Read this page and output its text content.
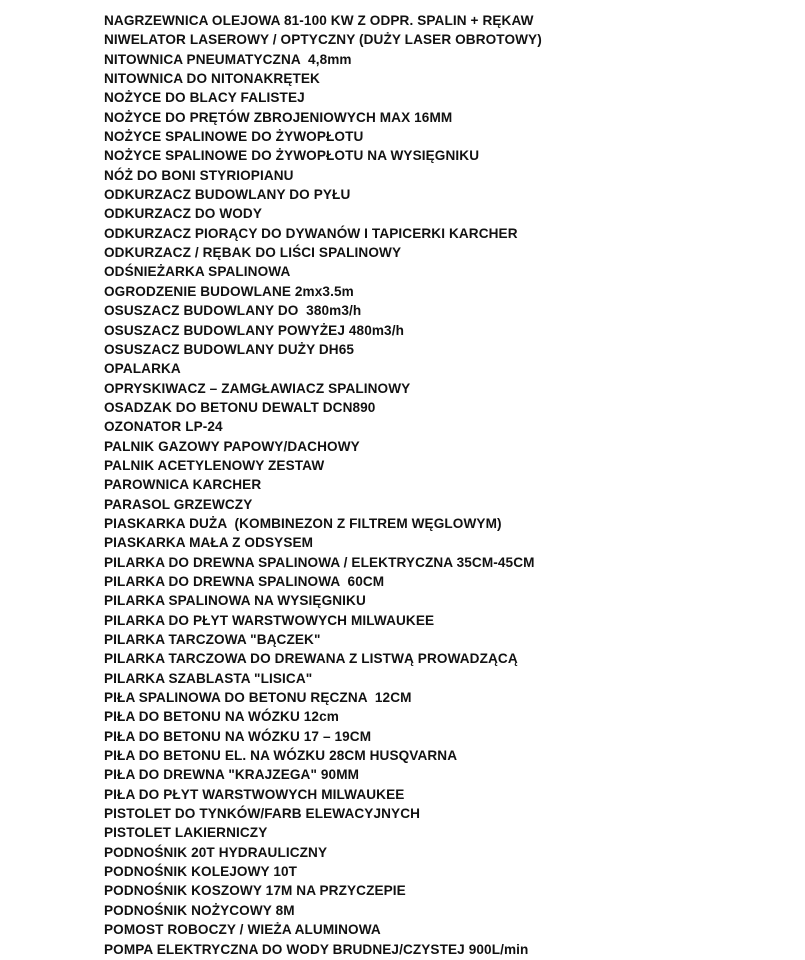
NAGRZEWNICA OLEJOWA 81-100 KW Z ODPR. SPALIN + RĘKAW
NIWELATOR LASEROWY / OPTYCZNY (DUŻY LASER OBROTOWY)
NITOWNICA PNEUMATYCZNA  4,8mm
NITOWNICA DO NITONAKRĘTEK
NOŻYCE DO BLACY FALISTEJ
NOŻYCE DO PRĘTÓW ZBROJENIOWYCH MAX 16MM
NOŻYCE SPALINOWE DO ŻYWOPŁOTU
NOŻYCE SPALINOWE DO ŻYWOPŁOTU NA WYSIĘGNIKU
NÓŻ DO BONI STYRIOPIANU
ODKURZACZ BUDOWLANY DO PYŁU
ODKURZACZ DO WODY
ODKURZACZ PIORĄCY DO DYWANÓW I TAPICERKI KARCHER
ODKURZACZ / RĘBAK DO LIŚCI SPALINOWY
ODŚNIEŻARKA SPALINOWA
OGRODZENIE BUDOWLANE 2mx3.5m
OSUSZACZ BUDOWLANY DO  380m3/h
OSUSZACZ BUDOWLANY POWYŻEJ 480m3/h
OSUSZACZ BUDOWLANY DUŻY DH65
OPALARKA
OPRYSKIWACZ – ZAMGŁAWIACZ SPALINOWY
OSADZAK DO BETONU DEWALT DCN890
OZONATOR LP-24
PALNIK GAZOWY PAPOWY/DACHOWY
PALNIK ACETYLENOWY ZESTAW
PAROWNICA KARCHER
PARASOL GRZEWCZY
PIASKARKA DUŻA  (KOMBINEZON Z FILTREM WĘGLOWYM)
PIASKARKA MAŁA Z ODSYSEM
PILARKA DO DREWNA SPALINOWA / ELEKTRYCZNA 35CM-45CM
PILARKA DO DREWNA SPALINOWA  60CM
PILARKA SPALINOWA NA WYSIĘGNIKU
PILARKA DO PŁYT WARSTWOWYCH MILWAUKEE
PILARKA TARCZOWA "BĄCZEK"
PILARKA TARCZOWA DO DREWANA Z LISTWĄ PROWADZĄCĄ
PILARKA SZABLASTA "LISICA"
PIŁA SPALINOWA DO BETONU RĘCZNA  12CM
PIŁA DO BETONU NA WÓZKU 12cm
PIŁA DO BETONU NA WÓZKU 17 – 19CM
PIŁA DO BETONU EL. NA WÓZKU 28CM HUSQVARNA
PIŁA DO DREWNA "KRAJZEGA" 90MM
PIŁA DO PŁYT WARSTWOWYCH MILWAUKEE
PISTOLET DO TYNKÓW/FARB ELEWACYJNYCH
PISTOLET LAKIERNICZY
PODNOŚNIK 20T HYDRAULICZNY
PODNOŚNIK KOLEJOWY 10T
PODNOŚNIK KOSZOWY 17M NA PRZYCZEPIE
PODNOŚNIK NOŻYCOWY 8M
POMOST ROBOCZY / WIEŻA ALUMINOWA
POMPA ELEKTRYCZNA DO WODY BRUDNEJ/CZYSTEJ 900L/min
